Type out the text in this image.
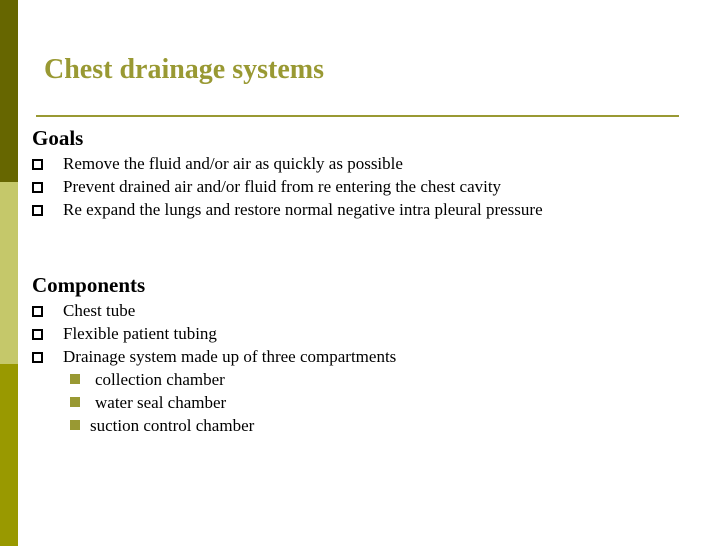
Chest drainage systems
Goals
Remove the fluid and/or air as quickly as possible
Prevent drained air and/or fluid from re entering the chest cavity
Re expand the lungs and restore normal negative intra pleural pressure
Components
Chest tube
Flexible patient tubing
Drainage system made up of three compartments
collection chamber
water seal chamber
suction control chamber
